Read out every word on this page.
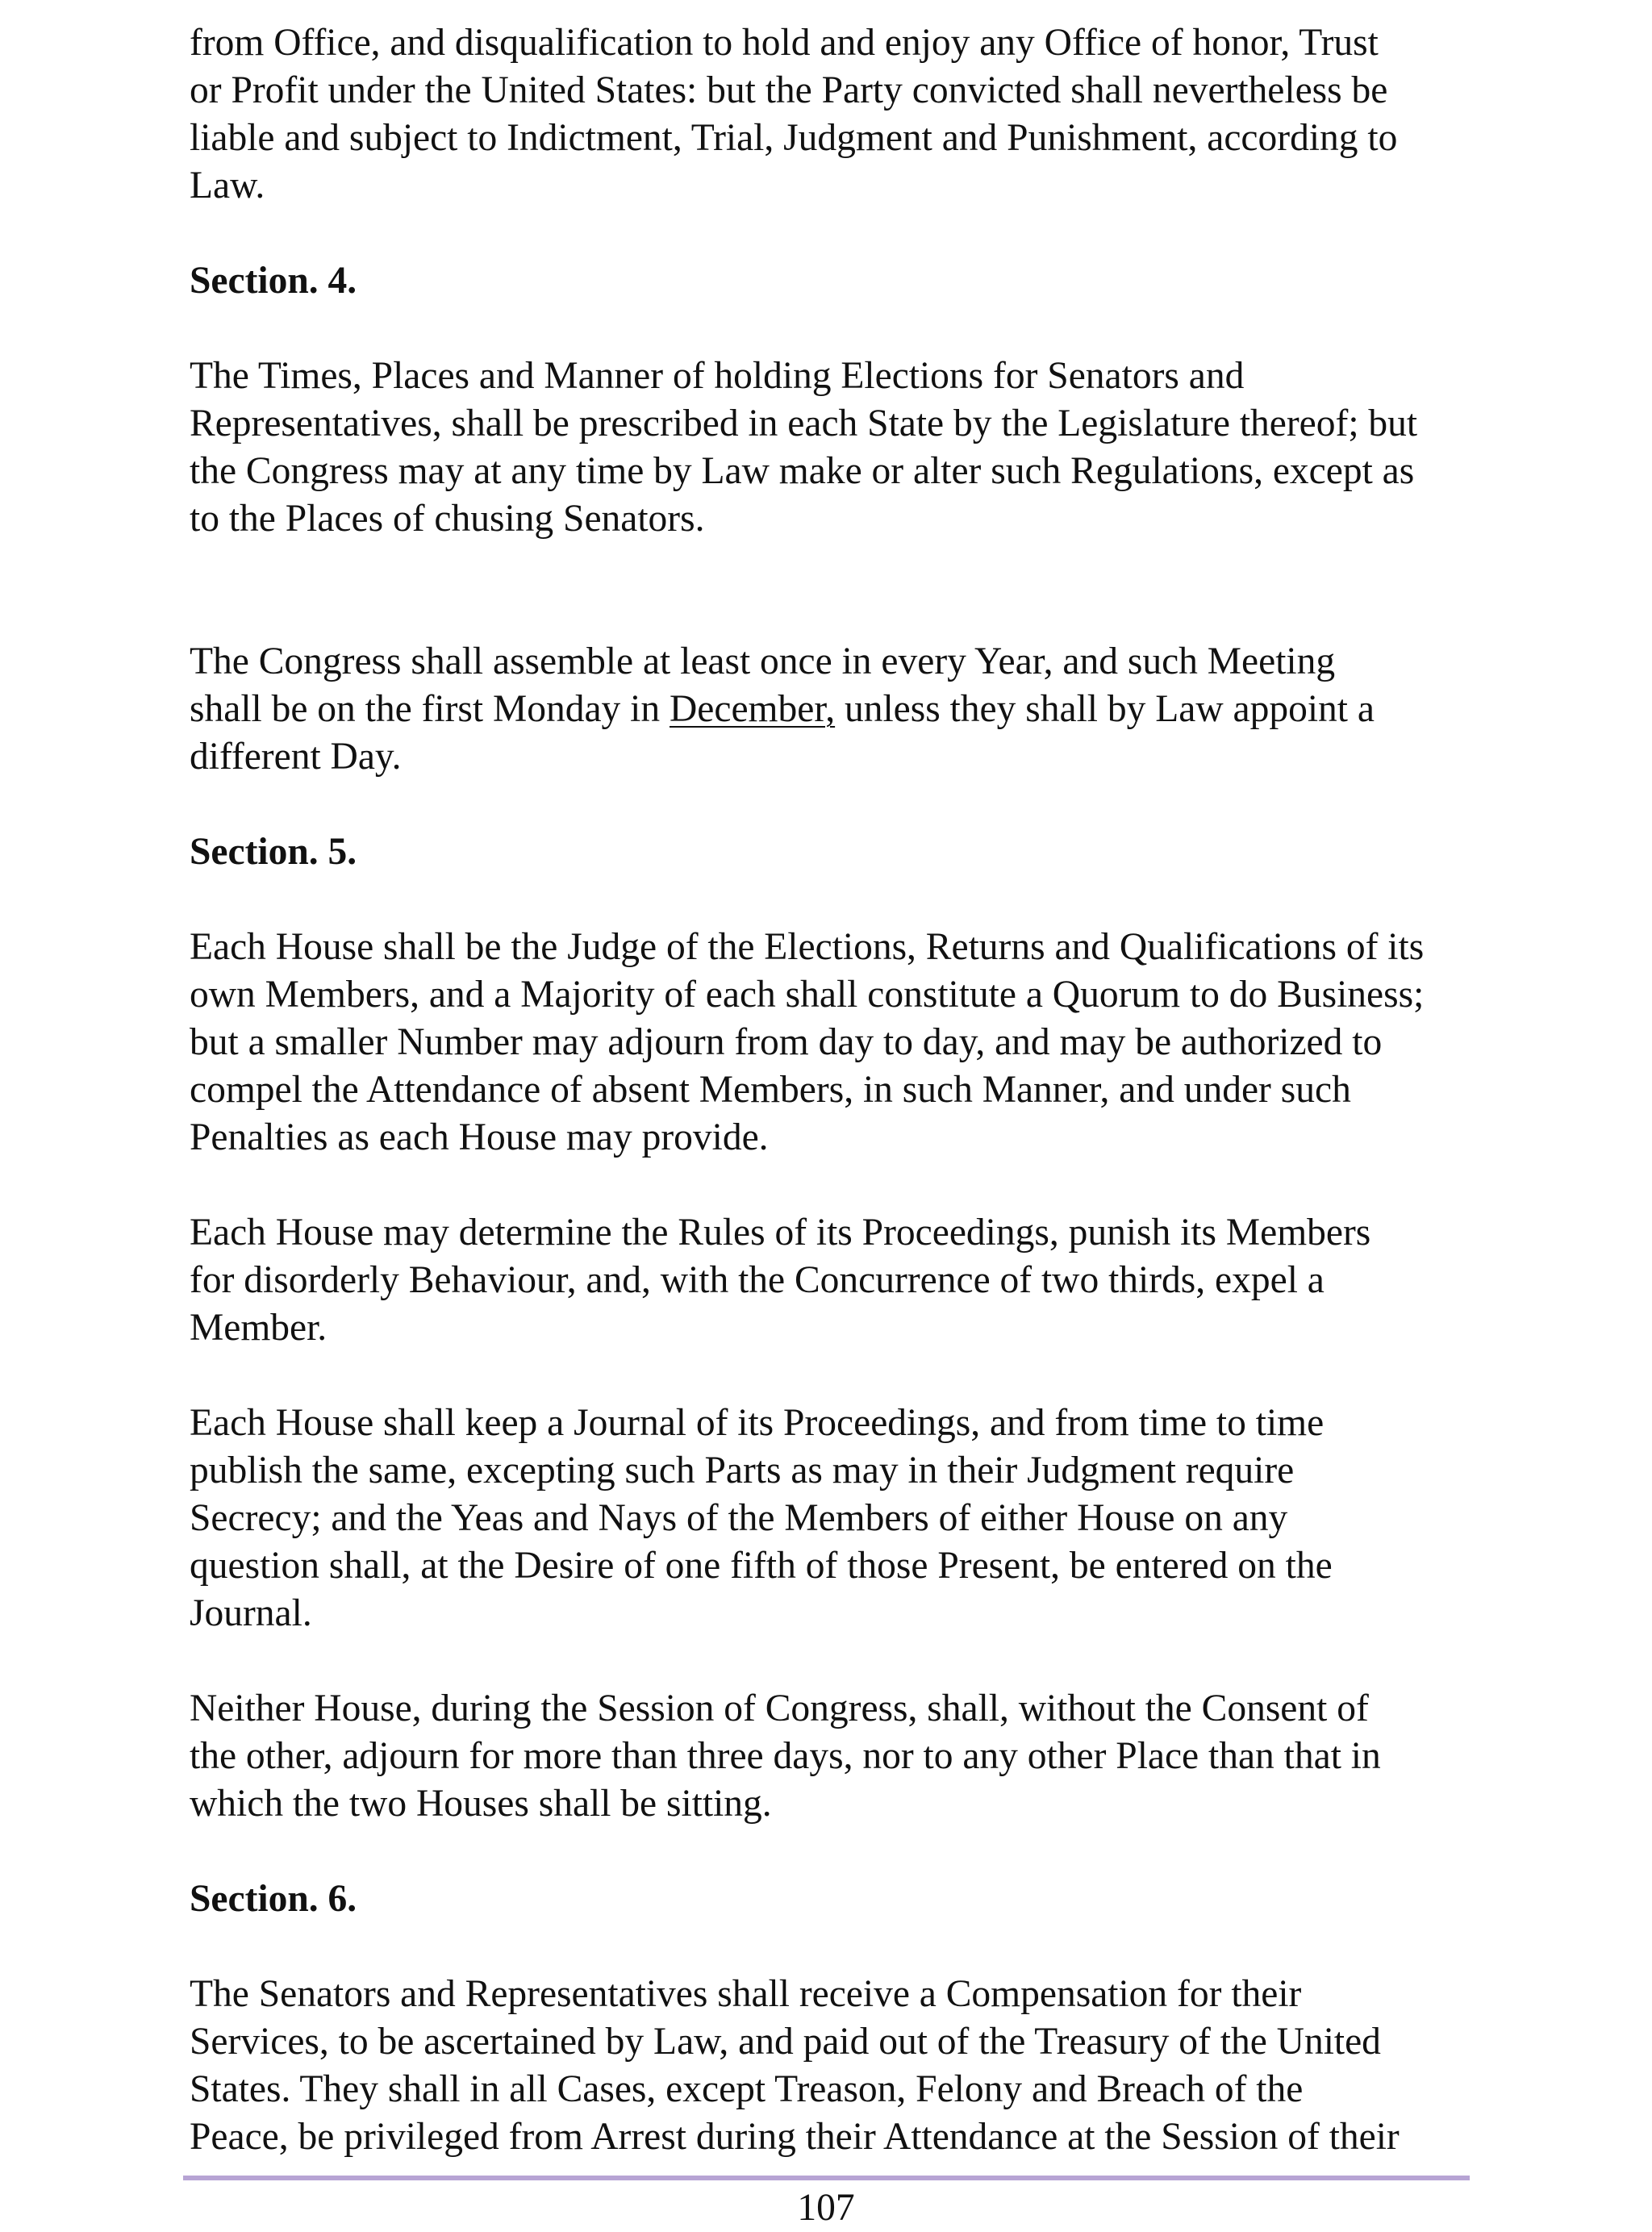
from Office, and disqualification to hold and enjoy any Office of honor, Trust
or Profit under the United States: but the Party convicted shall nevertheless be
liable and subject to Indictment, Trial, Judgment and Punishment, according to
Law.
Section. 4.
The Times, Places and Manner of holding Elections for Senators and
Representatives, shall be prescribed in each State by the Legislature thereof; but
the Congress may at any time by Law make or alter such Regulations, except as
to the Places of chusing Senators.
The Congress shall assemble at least once in every Year, and such Meeting
shall be on the first Monday in December, unless they shall by Law appoint a
different Day.
Section. 5.
Each House shall be the Judge of the Elections, Returns and Qualifications of its
own Members, and a Majority of each shall constitute a Quorum to do Business;
but a smaller Number may adjourn from day to day, and may be authorized to
compel the Attendance of absent Members, in such Manner, and under such
Penalties as each House may provide.
Each House may determine the Rules of its Proceedings, punish its Members
for disorderly Behaviour, and, with the Concurrence of two thirds, expel a
Member.
Each House shall keep a Journal of its Proceedings, and from time to time
publish the same, excepting such Parts as may in their Judgment require
Secrecy; and the Yeas and Nays of the Members of either House on any
question shall, at the Desire of one fifth of those Present, be entered on the
Journal.
Neither House, during the Session of Congress, shall, without the Consent of
the other, adjourn for more than three days, nor to any other Place than that in
which the two Houses shall be sitting.
Section. 6.
The Senators and Representatives shall receive a Compensation for their
Services, to be ascertained by Law, and paid out of the Treasury of the United
States. They shall in all Cases, except Treason, Felony and Breach of the
Peace, be privileged from Arrest during their Attendance at the Session of their
107
